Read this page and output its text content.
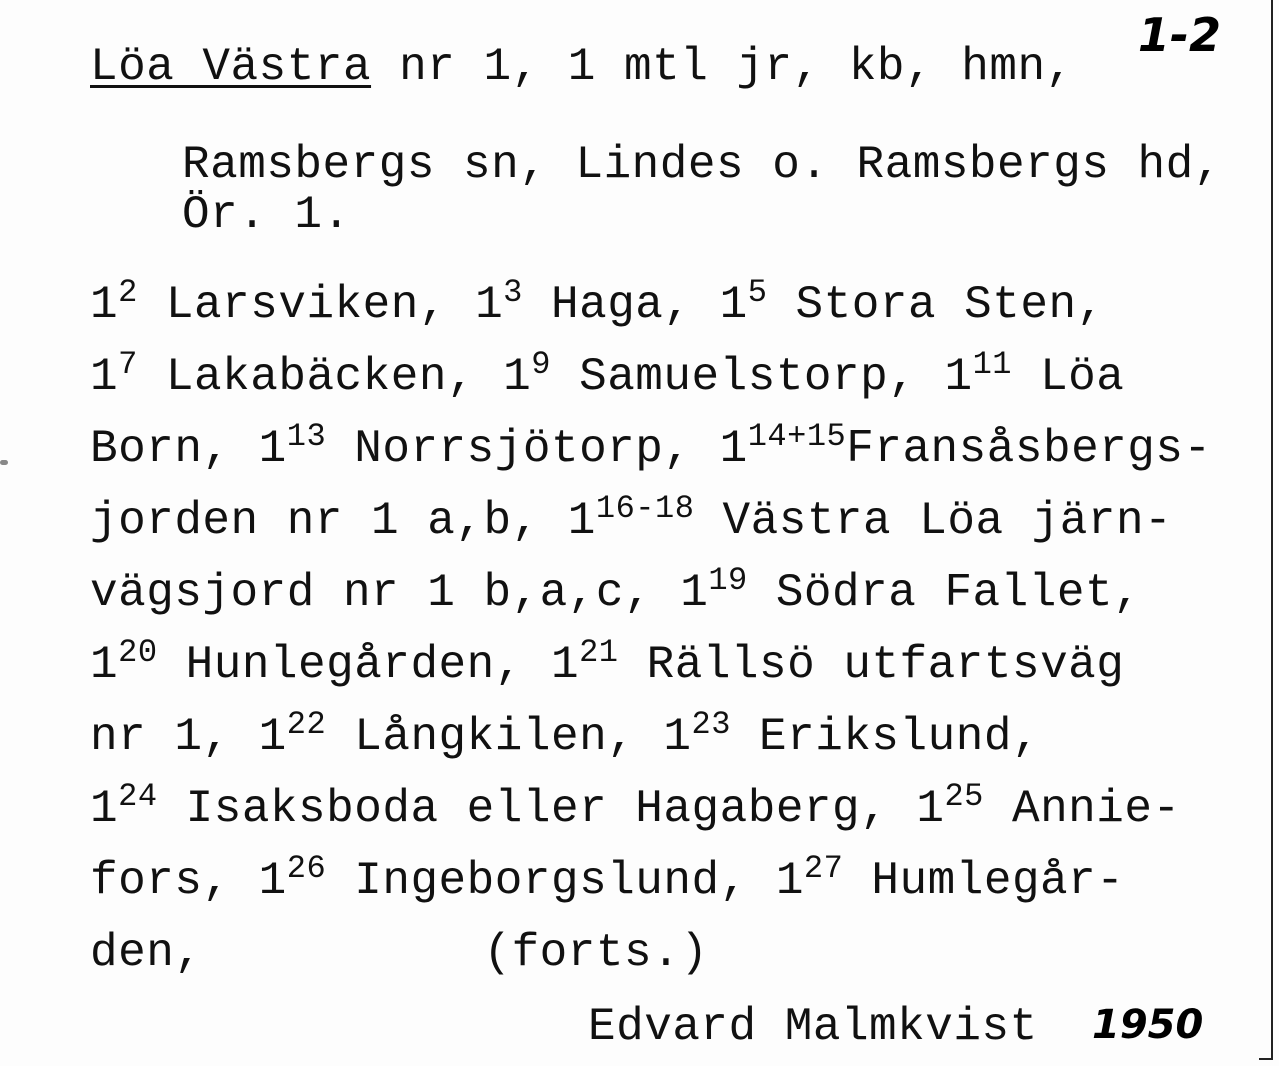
1-2
Löa Västra nr 1, 1 mtl jr, kb, hmn,
Ramsbergs sn, Lindes o. Ramsbergs hd,
Ör. 1.
$1^2$ Larsviken, $1^3$ Haga, $1^5$ Stora Sten,
$1^7$ Lakabäcken, $1^9$ Samuelstorp, $1^{11}$ Löa
Born, $1^{13}$ Norrsjötorp, $1^{14+15}Fransåsbergs-$
jorden nr 1 a,b, 1$^{16-18}$ Västra Löa järn-
vägsjord nr 1 b,a,c, $1^{19}$ Södra Fallet,
$1^{20}$ Hunlegården, $1^{21}$ Rällsö utfartsväg
nr 1, $1^{22}$ Långkilen, $1^{23}$ Erikslund,
$1^{24}$ Isaksboda eller Hagaberg, $1^{25}$ Annie-
fors, $1^{26}$ Ingeborgslund, $1^{27}$ Humlegår-
den,          (forts.)
Edvard Malmkvist 1950
